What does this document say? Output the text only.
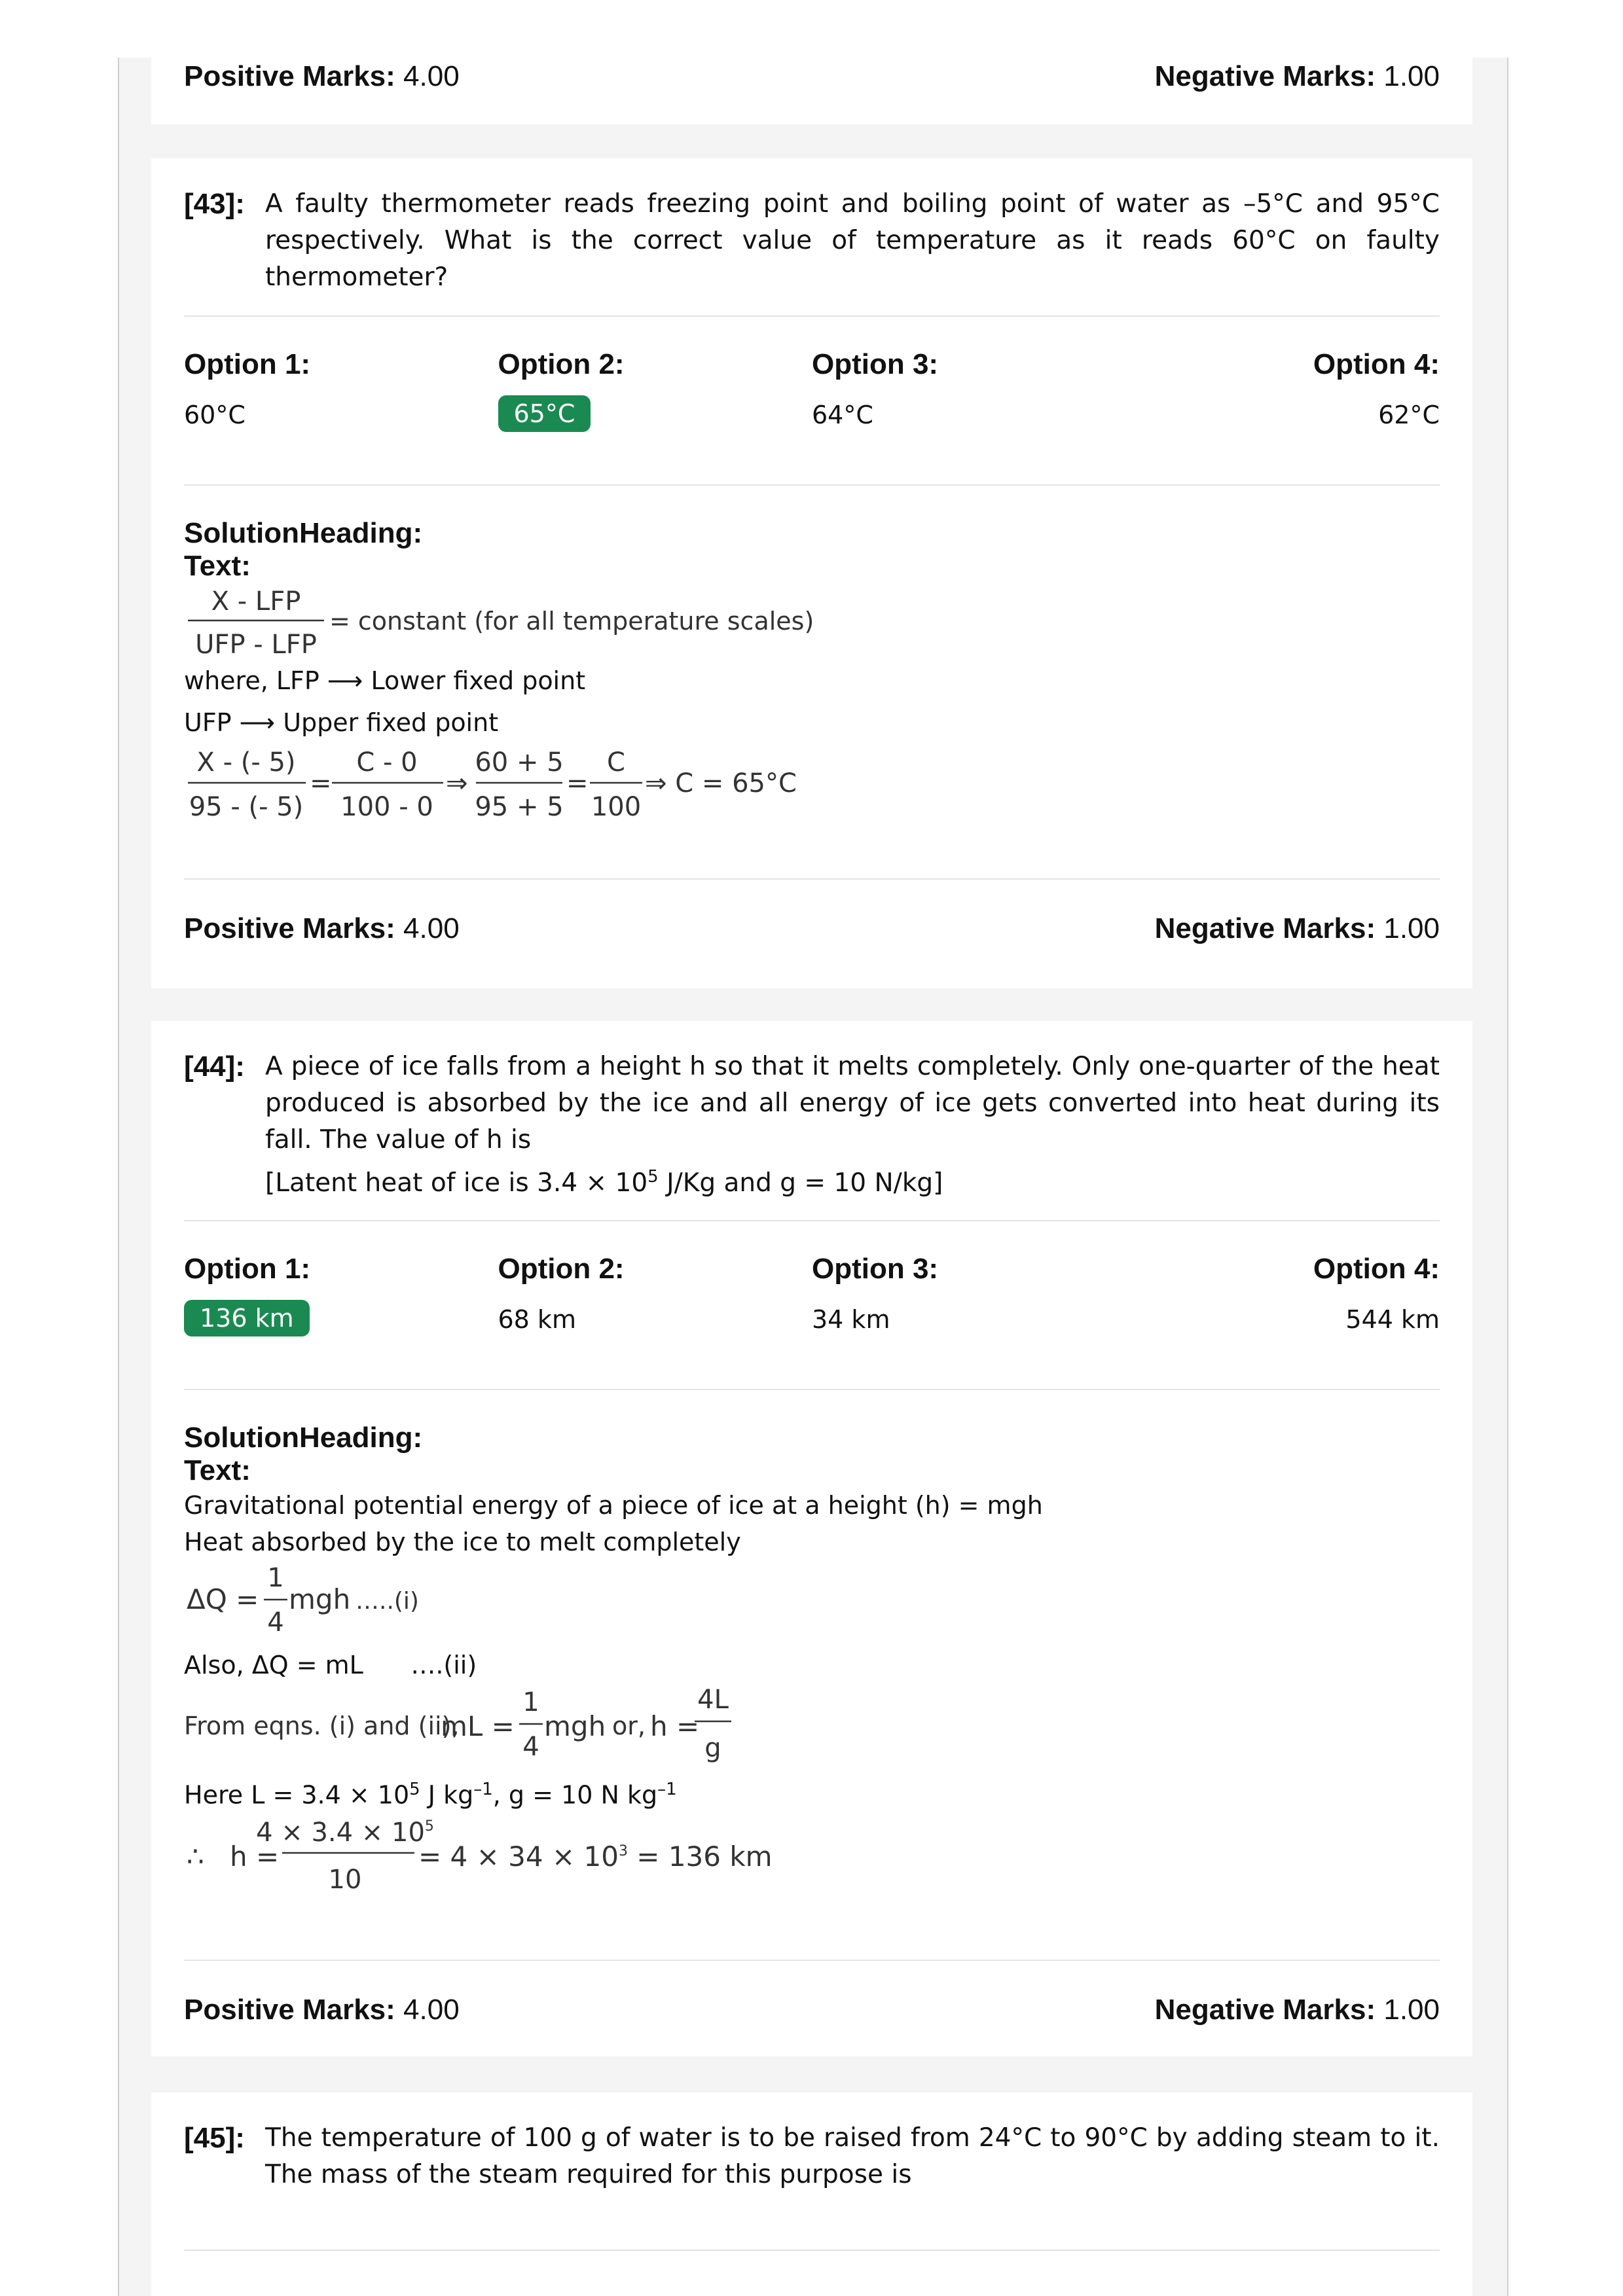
Positive Marks: 4.00	Negative Marks: 1.00
[43]: A faulty thermometer reads freezing point and boiling point of water as –5°C and 95°C respectively. What is the correct value of temperature as it reads 60°C on faulty thermometer?
Option 1:
60°C
Option 2:
65°C
Option 3:
64°C
Option 4:
62°C
SolutionHeading:
Text:
X - LFP
UFP - LFP
= constant (for all temperature scales)
where, LFP ⟶ Lower fixed point
UFP ⟶ Upper fixed point
X - (- 5)
95 - (- 5)
=
C - 0
100 - 0
⇒
60 + 5
95 + 5
=
C
100
⇒ C = 65°C
Positive Marks: 4.00	Negative Marks: 1.00
[44]: A piece of ice falls from a height h so that it melts completely. Only one-quarter of the heat produced is absorbed by the ice and all energy of ice gets converted into heat during its fall. The value of h is
[Latent heat of ice is $3.4 \times 10^5$ J/Kg and g = 10 N/kg]
Option 1:
136 km
Option 2:
68 km
Option 3:
34 km
Option 4:
544 km
SolutionHeading:
Text:
Gravitational potential energy of a piece of ice at a height (h) = mgh
Heat absorbed by the ice to melt completely
ΔQ =
1
4
mgh …..(i)
Also, ΔQ = mL ….(ii)
From eqns. (i) and (ii),
mL =
1
4
mgh or, h =
4L
g
Here $L = 3.4 \times 10^5$ J $kg^{-1}$, g = 10 N $kg^{-1}$
∴ h =
$4 \times 3.4 \times 10^5$
10
= $4 \times 34 \times 10^3 = 136$ km
Positive Marks: 4.00	Negative Marks: 1.00
[45]: The temperature of 100 g of water is to be raised from 24°C to 90°C by adding steam to it. The mass of the steam required for this purpose is
